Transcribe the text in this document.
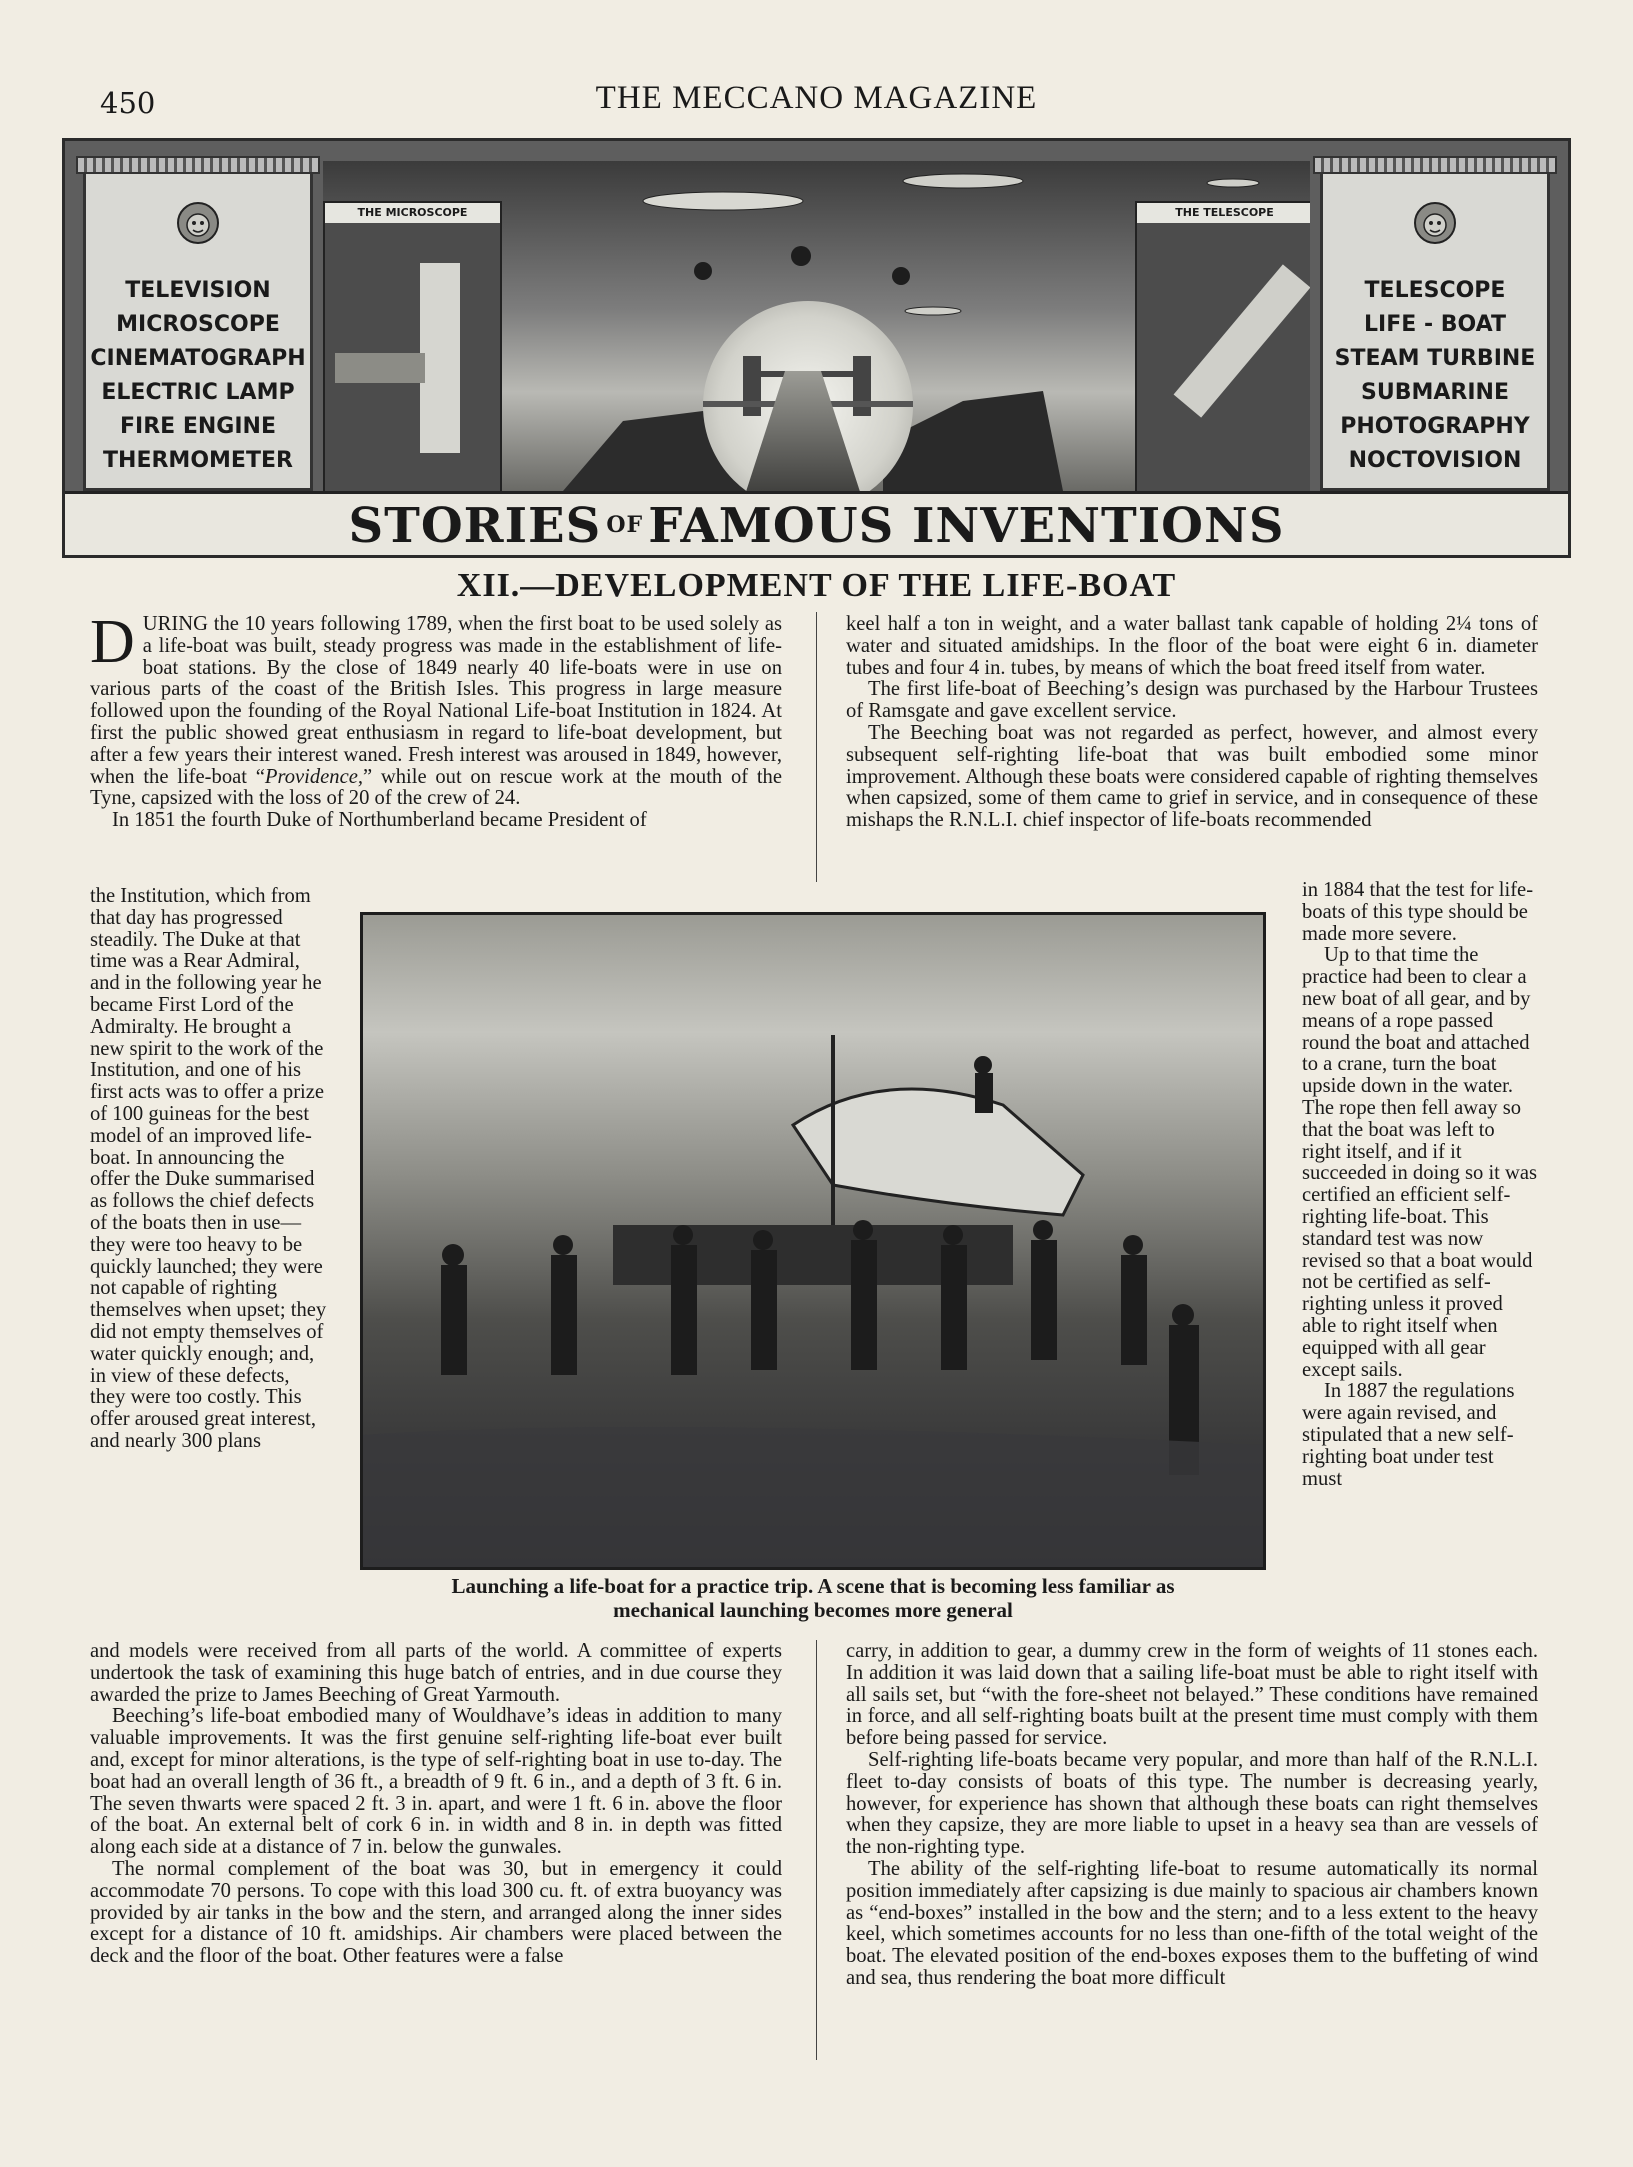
450	THE MECCANO MAGAZINE
TELEVISION
MICROSCOPE
CINEMATOGRAPH
ELECTRIC LAMP
FIRE ENGINE
THERMOMETER
THE MICROSCOPE	THE TELESCOPE
TELESCOPE
LIFE - BOAT
STEAM TURBINE
SUBMARINE
PHOTOGRAPHY
NOCTOVISION
STORIES OF FAMOUS INVENTIONS
XII.—DEVELOPMENT OF THE LIFE-BOAT

DURING the 10 years following 1789, when the first boat to be used solely as a life-boat was built, steady progress was made in the establishment of life-boat stations. By the close of 1849 nearly 40 life-boats were in use on various parts of the coast of the British Isles. This progress in large measure followed upon the founding of the Royal National Life-boat Institution in 1824. At first the public showed great enthusiasm in regard to life-boat development, but after a few years their interest waned. Fresh interest was aroused in 1849, however, when the life-boat “Providence,” while out on rescue work at the mouth of the Tyne, capsized with the loss of 20 of the crew of 24.

In 1851 the fourth Duke of Northumberland became President of

the Institution, which from that day has progressed steadily. The Duke at that time was a Rear Admiral, and in the following year he became First Lord of the Admiralty. He brought a new spirit to the work of the Institution, and one of his first acts was to offer a prize of 100 guineas for the best model of an improved life-boat. In announcing the offer the Duke summarised as follows the chief defects of the boats then in use—they were too heavy to be quickly launched; they were not capable of righting themselves when upset; they did not empty themselves of water quickly enough; and, in view of these defects, they were too costly. This offer aroused great interest, and nearly 300 plans

and models were received from all parts of the world. A committee of experts undertook the task of examining this huge batch of entries, and in due course they awarded the prize to James Beeching of Great Yarmouth.

Beeching’s life-boat embodied many of Wouldhave’s ideas in addition to many valuable improvements. It was the first genuine self-righting life-boat ever built and, except for minor alterations, is the type of self-righting boat in use to-day. The boat had an overall length of 36 ft., a breadth of 9 ft. 6 in., and a depth of 3 ft. 6 in. The seven thwarts were spaced 2 ft. 3 in. apart, and were 1 ft. 6 in. above the floor of the boat. An external belt of cork 6 in. in width and 8 in. in depth was fitted along each side at a distance of 7 in. below the gunwales.

The normal complement of the boat was 30, but in emergency it could accommodate 70 persons. To cope with this load 300 cu. ft. of extra buoyancy was provided by air tanks in the bow and the stern, and arranged along the inner sides except for a distance of 10 ft. amidships. Air chambers were placed between the deck and the floor of the boat. Other features were a false

keel half a ton in weight, and a water ballast tank capable of holding 2¼ tons of water and situated amidships. In the floor of the boat were eight 6 in. diameter tubes and four 4 in. tubes, by means of which the boat freed itself from water.

The first life-boat of Beeching’s design was purchased by the Harbour Trustees of Ramsgate and gave excellent service.

The Beeching boat was not regarded as perfect, however, and almost every subsequent self-righting life-boat that was built embodied some minor improvement. Although these boats were considered capable of righting themselves when capsized, some of them came to grief in service, and in consequence of these mishaps the R.N.L.I. chief inspector of life-boats recommended

in 1884 that the test for life-boats of this type should be made more severe.

Up to that time the practice had been to clear a new boat of all gear, and by means of a rope passed round the boat and attached to a crane, turn the boat upside down in the water. The rope then fell away so that the boat was left to right itself, and if it succeeded in doing so it was certified an efficient self-righting life-boat. This standard test was now revised so that a boat would not be certified as self-righting unless it proved able to right itself when equipped with all gear except sails.

In 1887 the regulations were again revised, and stipulated that a new self-righting boat under test must

carry, in addition to gear, a dummy crew in the form of weights of 11 stones each. In addition it was laid down that a sailing life-boat must be able to right itself with all sails set, but “with the fore-sheet not belayed.” These conditions have remained in force, and all self-righting boats built at the present time must comply with them before being passed for service.

Self-righting life-boats became very popular, and more than half of the R.N.L.I. fleet to-day consists of boats of this type. The number is decreasing yearly, however, for experience has shown that although these boats can right themselves when they capsize, they are more liable to upset in a heavy sea than are vessels of the non-righting type.

The ability of the self-righting life-boat to resume automatically its normal position immediately after capsizing is due mainly to spacious air chambers known as “end-boxes” installed in the bow and the stern; and to a less extent to the heavy keel, which sometimes accounts for no less than one-fifth of the total weight of the boat. The elevated position of the end-boxes exposes them to the buffeting of wind and sea, thus rendering the boat more difficult

Launching a life-boat for a practice trip. A scene that is becoming less familiar as
mechanical launching becomes more general
